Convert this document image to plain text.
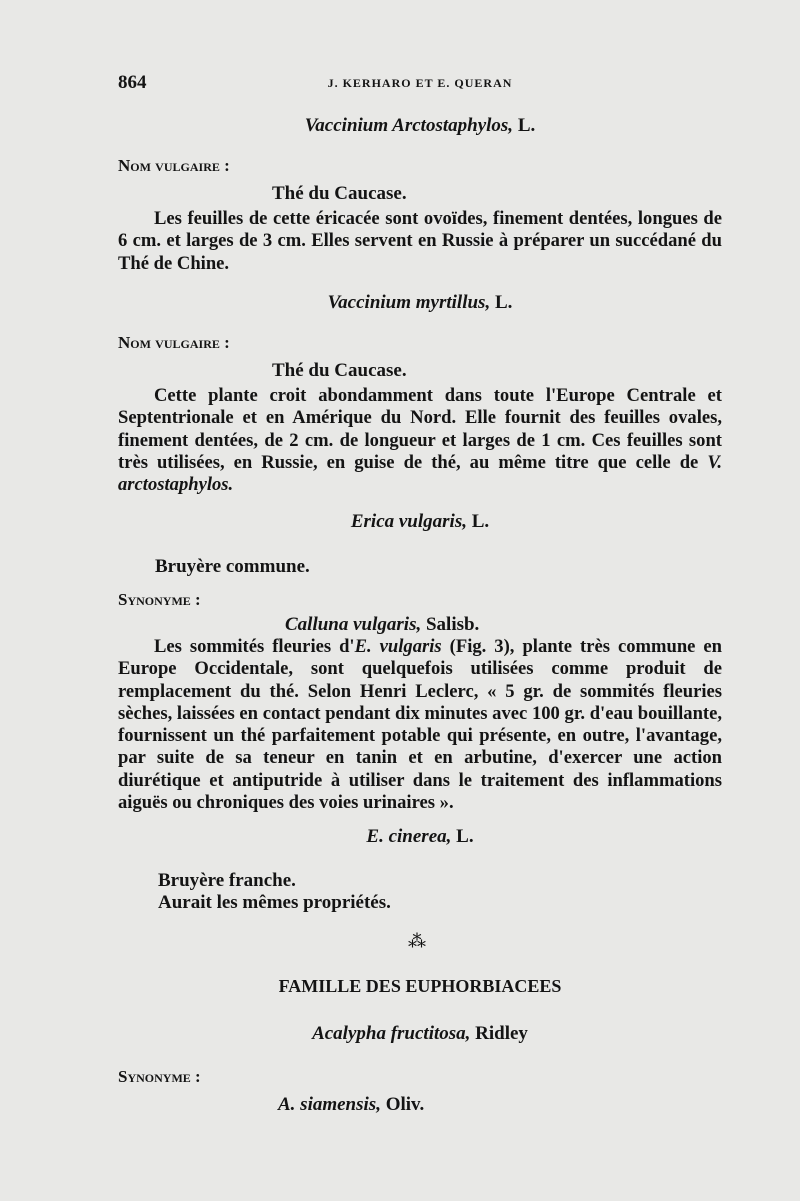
864	J. KERHARO ET E. QUERAN
Vaccinium Arctostaphylos, L.
Nom vulgaire :
Thé du Caucase.

Les feuilles de cette éricacée sont ovoïdes, finement dentées, longues de 6 cm. et larges de 3 cm. Elles servent en Russie à préparer un succédané du Thé de Chine.

Vaccinium myrtillus, L.
Nom vulgaire :
Thé du Caucase.

Cette plante croit abondamment dans toute l'Europe Centrale et Septentrionale et en Amérique du Nord. Elle fournit des feuilles ovales, finement dentées, de 2 cm. de longueur et larges de 1 cm. Ces feuilles sont très utilisées, en Russie, en guise de thé, au même titre que celle de V. arctostaphylos.

Erica vulgaris, L.
Bruyère commune.
Synonyme :
Calluna vulgaris, Salisb.

Les sommités fleuries d'E. vulgaris (Fig. 3), plante très commune en Europe Occidentale, sont quelquefois utilisées comme produit de remplacement du thé. Selon Henri Leclerc, « 5 gr. de sommités fleuries sèches, laissées en contact pendant dix minutes avec 100 gr. d'eau bouillante, fournissent un thé parfaitement potable qui présente, en outre, l'avantage, par suite de sa teneur en tanin et en arbutine, d'exercer une action diurétique et antiputride à utiliser dans le traitement des inflammations aiguës ou chroniques des voies urinaires ».

E. cinerea, L.
Bruyère franche.
Aurait les mêmes propriétés.
⁂
FAMILLE DES EUPHORBIACEES
Acalypha fructitosa, Ridley
Synonyme :
A. siamensis, Oliv.
